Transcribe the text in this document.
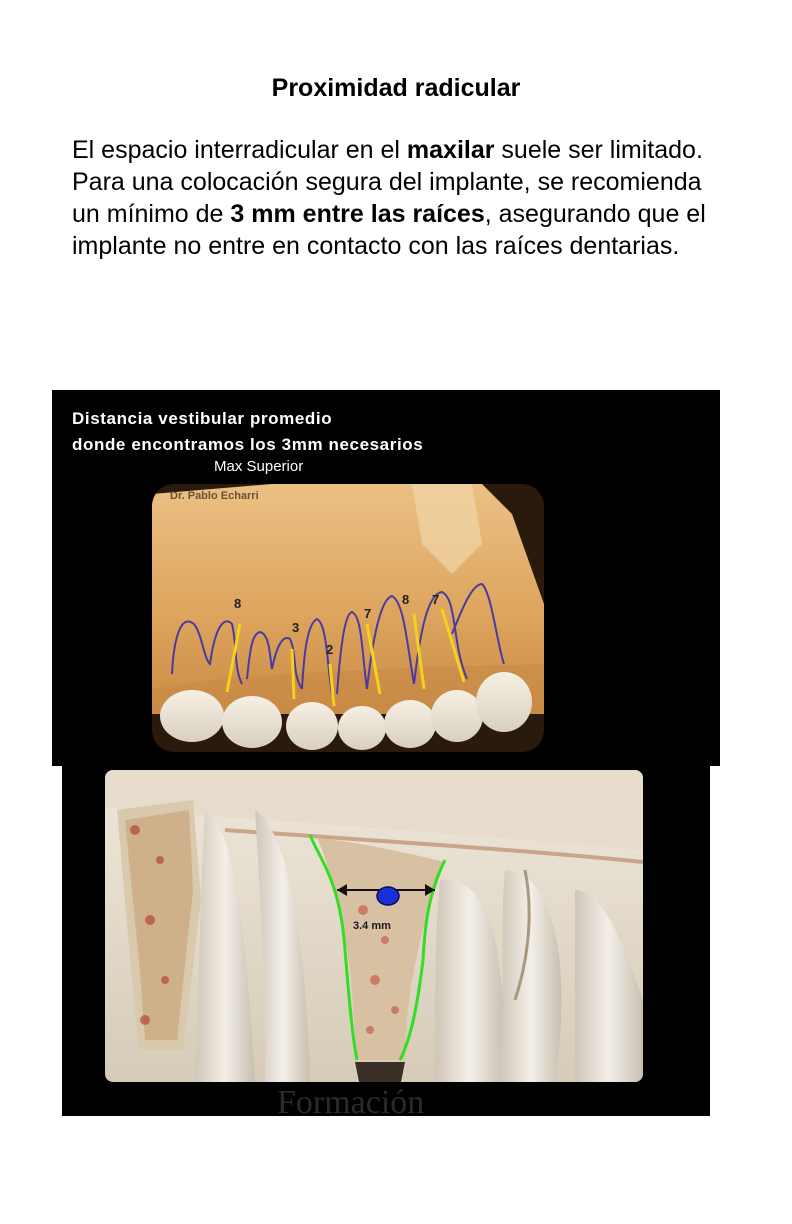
Proximidad radicular

El espacio interradicular en el maxilar suele ser limitado.

Para una colocación segura del implante, se recomienda un mínimo de 3 mm entre las raíces, asegurando que el implante no entre en contacto con las raíces dentarias.

Distancia vestibular promedio
donde encontramos los 3mm necesarios
Max Superior
8
3
2
7
8 7
Dr. Pablo Echarri
3.4 mm
Formación
